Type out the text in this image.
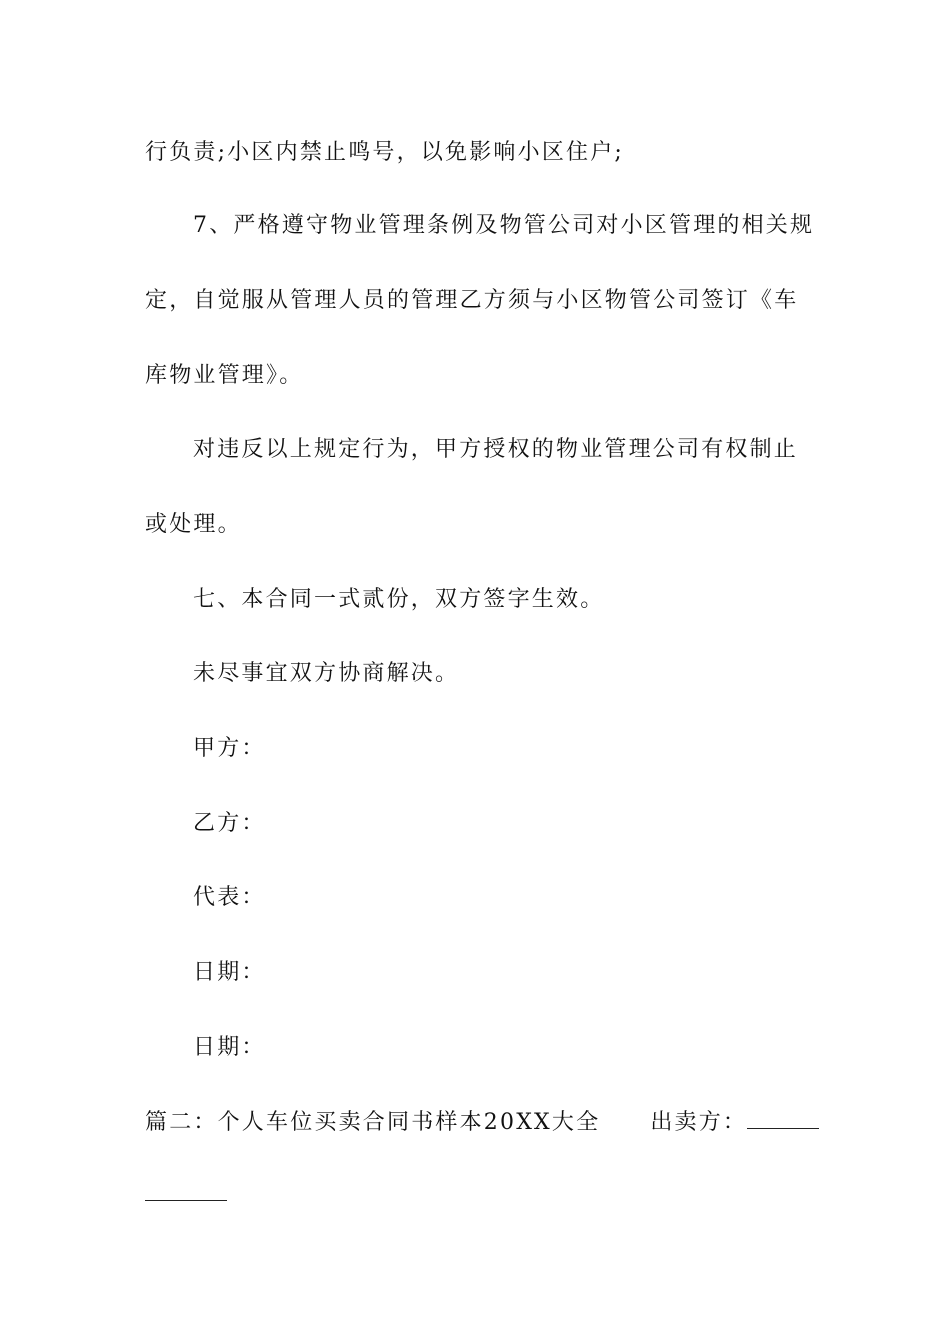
行负责;小区内禁止鸣号，以免影响小区住户;
7、严格遵守物业管理条例及物管公司对小区管理的相关规
定，自觉服从管理人员的管理乙方须与小区物管公司签订《车
库物业管理》。
对违反以上规定行为，甲方授权的物业管理公司有权制止
或处理。
七、本合同一式贰份，双方签字生效。
未尽事宜双方协商解决。
甲方：
乙方：
代表：
日期：
日期：
篇二：个人车位买卖合同书样本20XX大全 出卖方：
